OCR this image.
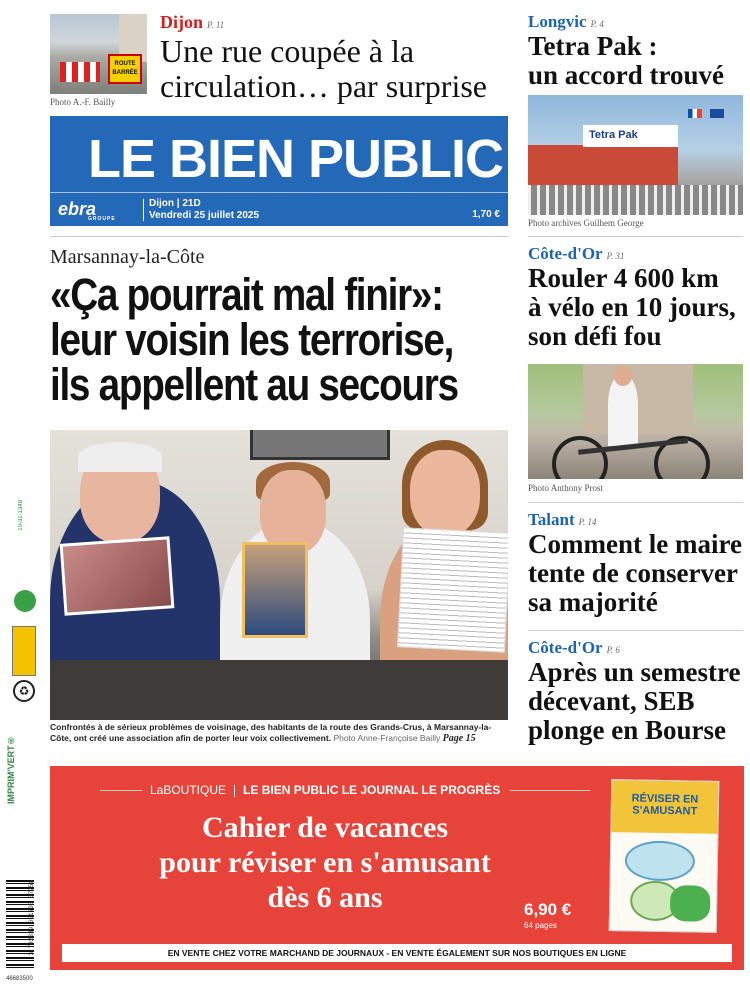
ROUTE BARRÉE
Photo A.-F. Bailly
Dijon P. 11
Une rue coupée à la
circulation… par surprise
LE BIEN PUBLIC
ebra
GROUPE
Dijon | 21D
Vendredi 25 juillet 2025	1,70 €
Marsannay-la-Côte
«Ça pourrait mal finir»:
leur voisin les terrorise,
ils appellent au secours
Confrontés à de sérieux problèmes de voisinage, des habitants de la route des Grands-Crus, à Marsannay-la-Côte, ont créé une association afin de porter leur voix collectivement. Photo Anne-Françoise Bailly Page 15
Longvic P. 4
Tetra Pak :
un accord trouvé
Tetra Pak
Photo archives Guilhem George
Côte-d'Or P. 31
Rouler 4 600 km
à vélo en 10 jours,
son défi fou
Photo Anthony Prost
Talant P. 14
Comment le maire
tente de conserver
sa majorité
Côte-d'Or P. 6
Après un semestre
décevant, SEB
plonge en Bourse
LaBOUTIQUE LE BIEN PUBLIC LE JOURNAL LE PROGRÈS
Cahier de vacances
pour réviser en s'amusant
dès 6 ans	6,90 €
64 pages
RÉVISER EN S'AMUSANT
EN VENTE CHEZ VOTRE MARCHAND DE JOURNAUX - EN VENTE ÉGALEMENT SUR NOS BOUTIQUES EN LIGNE
10-31-1348
♻
IMPRIM'VERT®
3 782839 601708 07250
46683500
